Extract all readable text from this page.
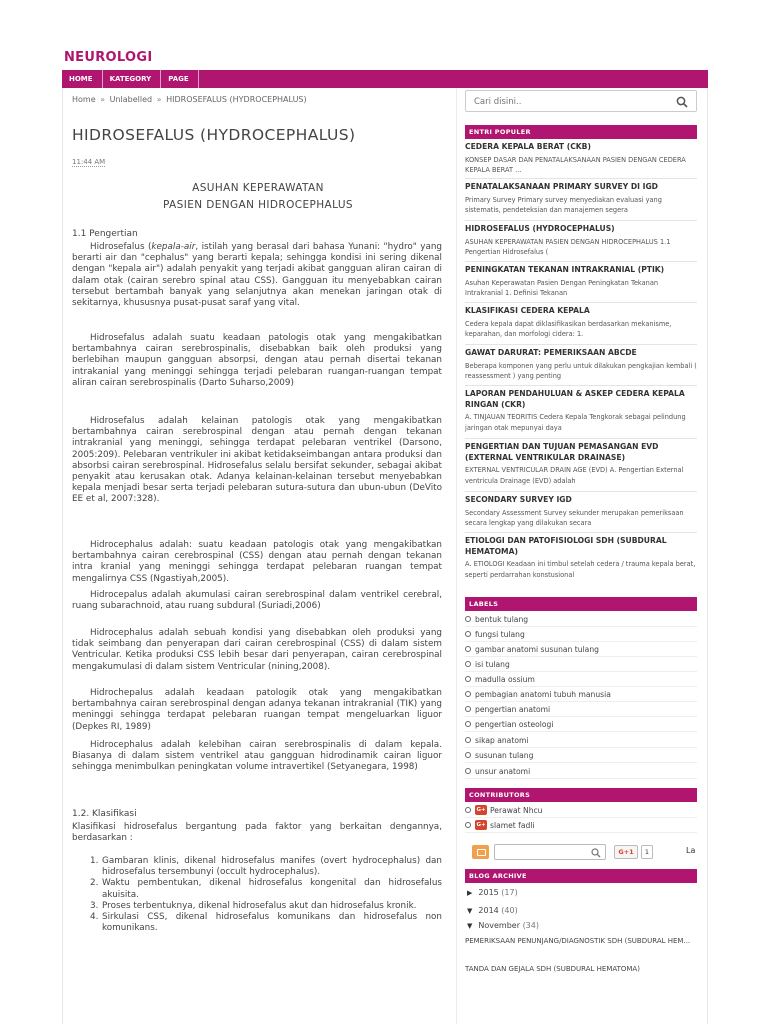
NEUROLOGI
HOME	KATEGORY	PAGE
Home » Unlabelled » HIDROSEFALUS (HYDROCEPHALUS)
HIDROSEFALUS (HYDROCEPHALUS)
11:44 AM
ASUHAN KEPERAWATAN
PASIEN DENGAN HIDROCEPHALUS
1.1 Pengertian
Hidrosefalus (kepala-air, istilah yang berasal dari bahasa Yunani: "hydro" yang berarti air dan "cephalus" yang berarti kepala; sehingga kondisi ini sering dikenal dengan "kepala air") adalah penyakit yang terjadi akibat gangguan aliran cairan di dalam otak (cairan serebro spinal atau CSS). Gangguan itu menyebabkan cairan tersebut bertambah banyak yang selanjutnya akan menekan jaringan otak di sekitarnya, khususnya pusat-pusat saraf yang vital.
Hidrosefalus adalah suatu keadaan patologis otak yang mengakibatkan bertambahnya cairan serebrospinalis, disebabkan baik oleh produksi yang berlebihan maupun gangguan absorpsi, dengan atau pernah disertai tekanan intrakanial yang meninggi sehingga terjadi pelebaran ruangan-ruangan tempat aliran cairan serebrospinalis (Darto Suharso,2009)
Hidrosefalus adalah kelainan patologis otak yang mengakibatkan bertambahnya cairan serebrospinal dengan atau pernah dengan tekanan intrakranial yang meninggi, sehingga terdapat pelebaran ventrikel (Darsono, 2005:209). Pelebaran ventrikuler ini akibat ketidakseimbangan antara produksi dan absorbsi cairan serebrospinal. Hidrosefalus selalu bersifat sekunder, sebagai akibat penyakit atau kerusakan otak. Adanya kelainan-kelainan tersebut menyebabkan kepala menjadi besar serta terjadi pelebaran sutura-sutura dan ubun-ubun (DeVito EE et al, 2007:328).
Hidrocephalus adalah: suatu keadaan patologis otak yang mengakibatkan bertambahnya cairan cerebrospinal (CSS) dengan atau pernah dengan tekanan intra kranial yang meninggi sehingga terdapat pelebaran ruangan tempat mengalirnya CSS (Ngastiyah,2005).
Hidrocepalus adalah akumulasi cairan serebrospinal dalam ventrikel cerebral, ruang subarachnoid, atau ruang subdural (Suriadi,2006)
Hidrocephalus adalah sebuah kondisi yang disebabkan oleh produksi yang tidak seimbang dan penyerapan dari cairan cerebrospinal (CSS) di dalam sistem Ventricular. Ketika produksi CSS lebih besar dari penyerapan, cairan cerebrospinal mengakumulasi di dalam sistem Ventricular (nining,2008).
Hidrochepalus adalah keadaan patologik otak yang mengakibatkan bertambahnya cairan serebrospinal dengan adanya tekanan intrakranial (TIK) yang meninggi sehingga terdapat pelebaran ruangan tempat mengeluarkan liguor (Depkes RI, 1989)
Hidrocephalus adalah kelebihan cairan serebrospinalis di dalam kepala. Biasanya di dalam sistem ventrikel atau gangguan hidrodinamik cairan liguor sehingga menimbulkan peningkatan volume intravertikel (Setyanegara, 1998)
1.2. Klasifikasi
Klasifikasi hidrosefalus bergantung pada faktor yang berkaitan dengannya, berdasarkan :
1. Gambaran klinis, dikenal hidrosefalus manifes (overt hydrocephalus) dan hidrosefalus tersembunyi (occult hydrocephalus).
2. Waktu pembentukan, dikenal hidrosefalus kongenital dan hidrosefalus akuisita.
3. Proses terbentuknya, dikenal hidrosefalus akut dan hidrosefalus kronik.
4. Sirkulasi CSS, dikenal hidrosefalus komunikans dan hidrosefalus non komunikans.
Cari disini..
ENTRI POPULER
CEDERA KEPALA BERAT (CKB)
KONSEP DASAR DAN PENATALAKSANAAN PASIEN DENGAN CEDERA KEPALA BERAT ...
PENATALAKSANAAN PRIMARY SURVEY DI IGD
Primary Survey Primary survey menyediakan evaluasi yang sistematis, pendeteksian dan manajemen segera
HIDROSEFALUS (HYDROCEPHALUS)
ASUHAN KEPERAWATAN PASIEN DENGAN HIDROCEPHALUS 1.1 Pengertian Hidrosefalus (
PENINGKATAN TEKANAN INTRAKRANIAL (PTIK)
Asuhan Keperawatan Pasien Dengan Peningkatan Tekanan Intrakranial 1. Definisi Tekanan
KLASIFIKASI CEDERA KEPALA
Cedera kepala dapat diklasifikasikan berdasarkan mekanisme, keparahan, dan morfologi cidera: 1.
GAWAT DARURAT: PEMERIKSAAN ABCDE
Beberapa komponen yang perlu untuk dilakukan pengkajian kembali ( reassessment ) yang penting
LAPORAN PENDAHULUAN & ASKEP CEDERA KEPALA RINGAN (CKR)
A. TINJAUAN TEORITIS Cedera Kepala Tengkorak sebagai pelindung jaringan otak mepunyai daya
PENGERTIAN DAN TUJUAN PEMASANGAN EVD (EXTERNAL VENTRIKULAR DRAINASE)
EXTERNAL VENTRICULAR DRAIN AGE (EVD) A. Pengertian External ventricula Drainage (EVD) adalah
SECONDARY SURVEY IGD
Secondary Assessment Survey sekunder merupakan pemeriksaan secara lengkap yang dilakukan secara
ETIOLOGI DAN PATOFISIOLOGI SDH (SUBDURAL HEMATOMA)
A. ETIOLOGI Keadaan ini timbul setelah cedera / trauma kepala berat, seperti perdarrahan konstusional
LABELS
bentuk tulang
fungsi tulang
gambar anatomi susunan tulang
isi tulang
madulla ossium
pembagian anatomi tubuh manusia
pengertian anatomi
pengertian osteologi
sikap anatomi
susunan tulang
unsur anatomi
CONTRIBUTORS
G+ Perawat Nhcu
G+ slamet fadli
G+1	1	La
BLOG ARCHIVE
▶ 2015
(17)
▼ 2014
(40)
▼ November
(34)
PEMERIKSAAN PENUNJANG/DIAGNOSTIK SDH (SUBDURAL HEM...
TANDA DAN GEJALA SDH (SUBDURAL HEMATOMA)
